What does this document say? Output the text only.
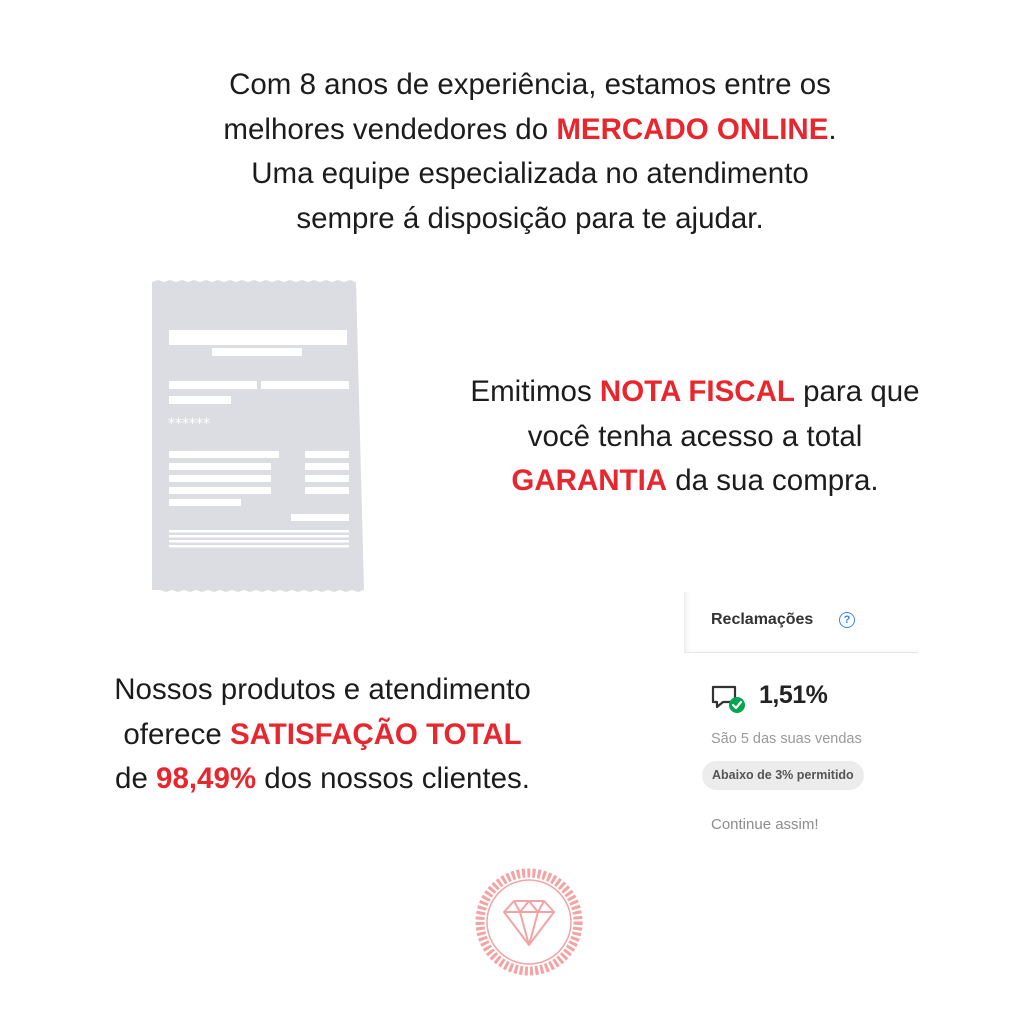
Com 8 anos de experiência, estamos entre os
melhores vendedores do MERCADO ONLINE.
Uma equipe especializada no atendimento
sempre á disposição para te ajudar.
******
Emitimos NOTA FISCAL para que
você tenha acesso a total
GARANTIA da sua compra.
Reclamações	?
1,51%
São 5 das suas vendas
Abaixo de 3% permitido
Continue assim!
Nossos produtos e atendimento
oferece SATISFAÇÃO TOTAL
de 98,49% dos nossos clientes.
